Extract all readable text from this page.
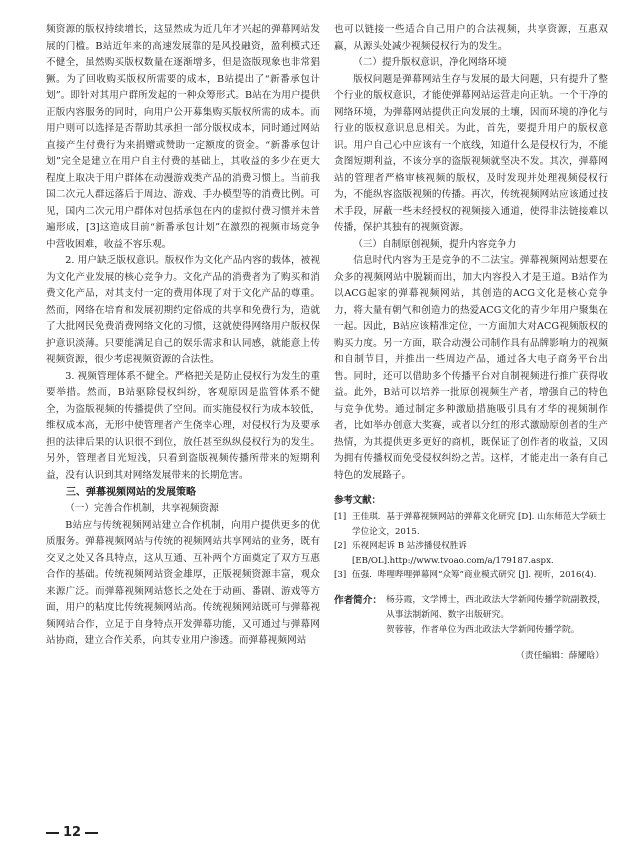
频资源的版权持续增长，这显然成为近几年才兴起的弹幕网站发展的门槛。B站近年来的高速发展靠的是风投融资，盈利模式还不健全，虽然购买版权数量在逐渐增多，但是盗版现象也非常猖獗。为了回收购买版权所需要的成本，B站提出了“新番承包计划”。即针对其用户群所发起的一种众筹形式。B站在为用户提供正版内容服务的同时，向用户公开募集购买版权所需的成本。而用户则可以选择是否帮助其承担一部分版权成本，同时通过网站直接产生付费行为来捐赠或赞助一定额度的资金。“新番承包计划”完全是建立在用户自主付费的基础上，其收益的多少在更大程度上取决于用户群体在动漫游戏类产品的消费习惯上。当前我国二次元人群远落后于周边、游戏、手办模型等的消费比例。可见，国内二次元用户群体对包括承包在内的虚拟付费习惯并未普遍形成，[3]这造成目前“新番承包计划”在激烈的视频市场竞争中营收困难，收益不容乐观。

2. 用户缺乏版权意识。版权作为文化产品内容的载体，被视为文化产业发展的核心竞争力。文化产品的消费者为了购买和消费文化产品，对其支付一定的费用体现了对于文化产品的尊重。然而，网络在培育和发展初期约定俗成的共享和免费行为，造就了大批网民免费消费网络文化的习惯，这就使得网络用户版权保护意识淡薄。只要能满足自己的娱乐需求和认同感，就能意上传视频资源，很少考虑视频资源的合法性。

3. 视频管理体系不健全。严格把关是防止侵权行为发生的重要举措。然而，B站驱除侵权纠纷，客观原因是监管体系不健全，为盗版视频的传播提供了空间。而实施侵权行为成本较低，维权成本高，无形中使管理者产生侥幸心理，对侵权行为及要承担的法律后果的认识很不到位，放任甚至纵纵侵权行为的发生。另外，管理者目光短浅，只看到盗版视频传播所带来的短期利益，没有认识到其对网络发展带来的长期危害。

三、弹幕视频网站的发展策略

（一）完善合作机制，共享视频资源

B站应与传统视频网站建立合作机制，向用户提供更多的优质服务。弹幕视频网站与传统的视频网站共享网站的业务，既有交叉之处又各具特点，这从互通、互补两个方面奠定了双方互惠合作的基础。传统视频网站资金雄厚，正版视频资源丰富，观众来源广泛。而弹幕视频网站悠长之处在于动画、番剧、游戏等方面，用户的粘度比传统视频网站高。传统视频网站既可与弹幕视频网站合作，立足于自身特点开发弹幕功能，又可通过与弹幕网站协商，建立合作关系，向其专业用户渗透。而弹幕视频网站

也可以链接一些适合自己用户的合法视频，共享资源，互惠双赢，从源头处减少视频侵权行为的发生。

（二）提升版权意识，净化网络环境

版权问题是弹幕网站生存与发展的最大问题，只有提升了整个行业的版权意识，才能使弹幕网站运营走向正轨。一个干净的网络环境，为弹幕网站提供正向发展的土壤，因而环境的净化与行业的版权意识息息相关。为此，首先，要提升用户的版权意识。用户自己心中应该有一个底线，知道什么是侵权行为，不能贪图短期利益，不该分享的盗版视频就坚决不发。其次，弹幕网站的管理者严格审核视频的版权，及时发现并处理视频侵权行为，不能纵容盗版视频的传播。再次，传统视频网站应该通过技术手段，屏蔽一些未经授权的视频接入通道，使得非法链接难以传播，保护其独有的视频资源。

（三）自制原创视频，提升内容竞争力

信息时代内容为王是竞争的不二法宝。弹幕视频网站想要在众多的视频网站中脱颖而出，加大内容投入才是王道。B站作为以ACG起家的弹幕视频网站，其创造的ACG文化是核心竞争力，将大量有朝气和创造力的热爱ACG文化的青少年用户聚集在一起。因此，B站应该精准定位，一方面加大对ACG视频版权的购买力度。另一方面，联合动漫公司制作具有品牌影响力的视频和自制节目，并推出一些周边产品，通过各大电子商务平台出售。同时，还可以借助多个传播平台对自制视频进行推广获得收益。此外，B站可以培养一批原创视频生产者，增强自己的特色与竞争优势。通过制定多种激励措施吸引具有才华的视频制作者，比如举办创意大奖赛，或者以分红的形式激励原创者的生产热情，为其提供更多更好的商机，既保证了创作者的收益，又因为拥有传播权而免受侵权纠纷之苦。这样，才能走出一条有自己特色的发展路子。

参考文献：
[1] 王佳琪．基于弹幕视频网站的弹幕文化研究 [D]. 山东师范大学硕士学位论文，2015.
[2] 乐视网起诉 B 站涉播侵权胜诉 [EB/OL].http://www.tvoao.com/a/179187.aspx.
[3] 伍强．哔哩哔哩弹幕网“众筹”商业模式研究 [J]. 视听，2016(4).
作者简介： 杨芬霞，文学博士，西北政法大学新闻传播学院副教授，从事法制新闻、数字出版研究。
贺蓉蓉，作者单位为西北政法大学新闻传播学院。
（责任编辑：薛耀晗）
12
